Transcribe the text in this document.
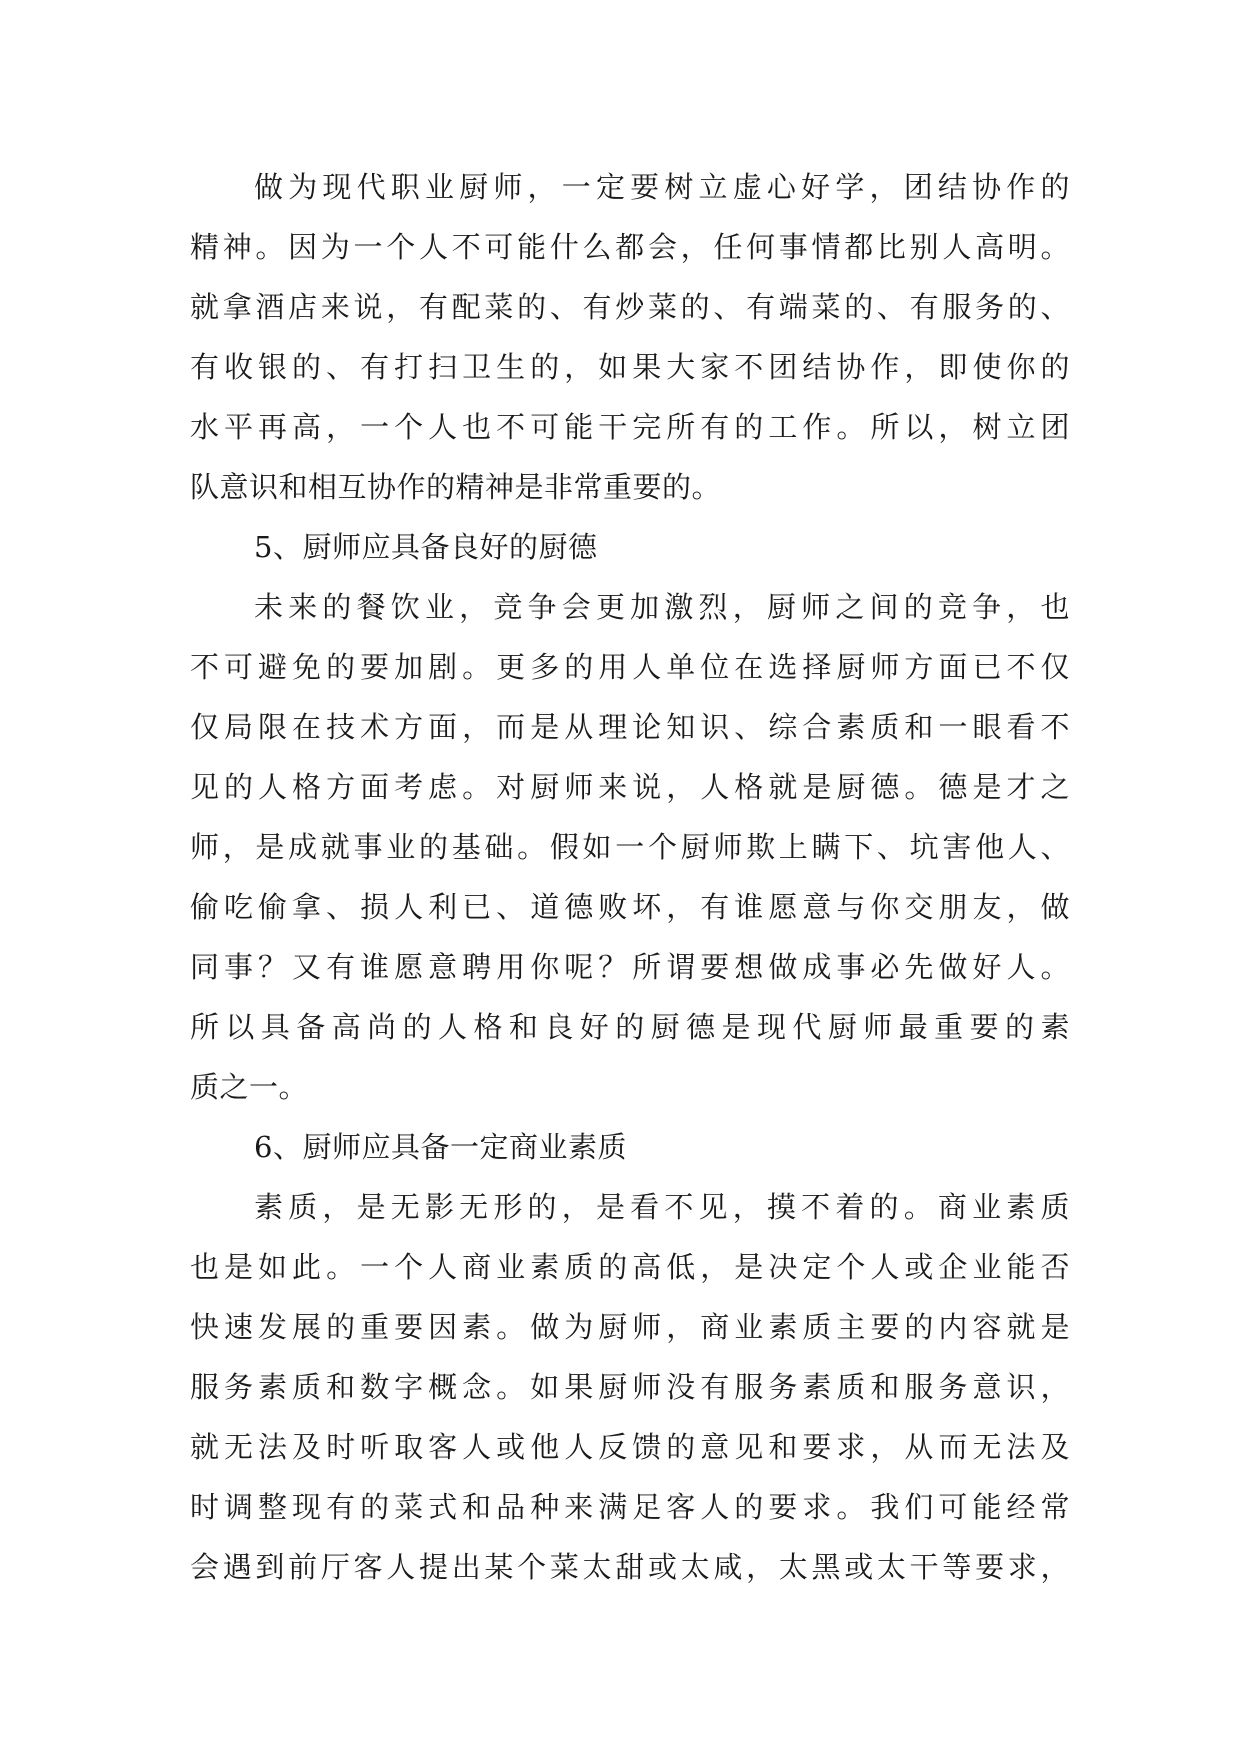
做为现代职业厨师，一定要树立虚心好学，团结协作的
精神。因为一个人不可能什么都会，任何事情都比别人高明。
就拿酒店来说，有配菜的、有炒菜的、有端菜的、有服务的、
有收银的、有打扫卫生的，如果大家不团结协作，即使你的
水平再高，一个人也不可能干完所有的工作。所以，树立团
队意识和相互协作的精神是非常重要的。
5、厨师应具备良好的厨德
未来的餐饮业，竞争会更加激烈，厨师之间的竞争，也
不可避免的要加剧。更多的用人单位在选择厨师方面已不仅
仅局限在技术方面，而是从理论知识、综合素质和一眼看不
见的人格方面考虑。对厨师来说，人格就是厨德。德是才之
师，是成就事业的基础。假如一个厨师欺上瞒下、坑害他人、
偷吃偷拿、损人利已、道德败坏，有谁愿意与你交朋友，做
同事？又有谁愿意聘用你呢？所谓要想做成事必先做好人。
所以具备高尚的人格和良好的厨德是现代厨师最重要的素
质之一。
6、厨师应具备一定商业素质
素质，是无影无形的，是看不见，摸不着的。商业素质
也是如此。一个人商业素质的高低，是决定个人或企业能否
快速发展的重要因素。做为厨师，商业素质主要的内容就是
服务素质和数字概念。如果厨师没有服务素质和服务意识，
就无法及时听取客人或他人反馈的意见和要求，从而无法及
时调整现有的菜式和品种来满足客人的要求。我们可能经常
会遇到前厅客人提出某个菜太甜或太咸，太黑或太干等要求，
